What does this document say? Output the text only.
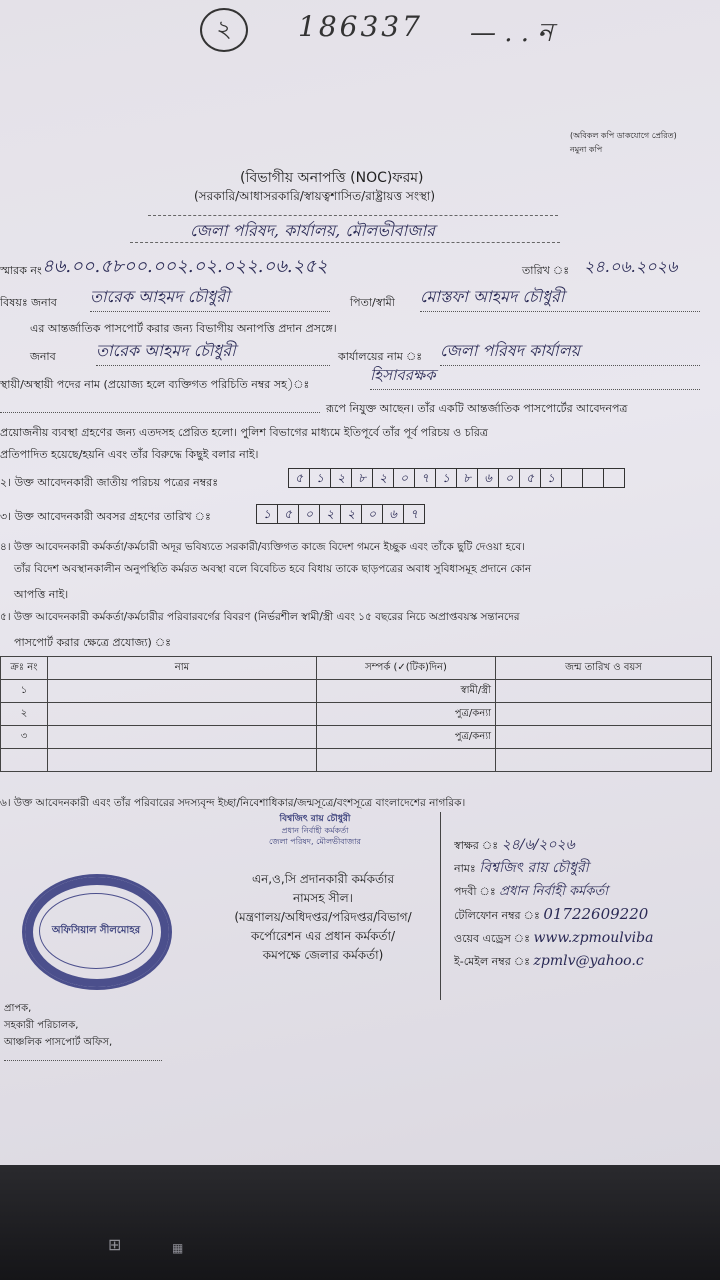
২	186337 — . . ন
(অবিকল কপি ডাকযোগে প্রেরিত)
নমুনা কপি
(বিভাগীয় অনাপত্তি (NOC)ফরম)
(সরকারি/আধাসরকারি/স্বায়ত্বশাসিত/রাষ্ট্রায়ত্ত সংস্থা)
জেলা পরিষদ, কার্যালয়, মৌলভীবাজার
স্মারক নং ৪৬.০০.৫৮০০.০০২.০২.০২২.০৬.২৫২	তারিখ ঃ ২৪.০৬.২০২৬
বিষয়ঃ জনাব তারেক আহমদ চৌধুরী	পিতা/স্বামী মোস্তফা আহমদ চৌধুরী
এর আন্তর্জাতিক পাসপোর্ট করার জন্য বিভাগীয় অনাপত্তি প্রদান প্রসঙ্গে।
জনাব	তারেক আহমদ চৌধুরী	কার্যালয়ের নাম ঃ জেলা পরিষদ কার্যালয়
স্থায়ী/অস্থায়ী পদের নাম (প্রয়োজ্য হলে ব্যক্তিগত পরিচিতি নম্বর সহ)ঃ
হিসাবরক্ষক
রূপে নিযুক্ত আছেন। তাঁর একটি আন্তর্জাতিক পাসপোর্টের আবেদনপত্র
প্রয়োজনীয় ব্যবস্থা গ্রহণের জন্য এতদসহ প্রেরিত হলো। পুলিশ বিভাগের মাধ্যমে ইতিপূর্বে তাঁর পূর্ব পরিচয় ও চরিত্র
প্রতিপাদিত হয়েছে/হয়নি এবং তাঁর বিরুদ্ধে কিছুই বলার নাই।
২। উক্ত আবেদনকারী জাতীয় পরিচয় পত্রের নম্বরঃ	৫	১	২	৮	২	০	৭	১	৮	৬	০	৫	১
৩। উক্ত আবেদনকারী অবসর গ্রহণের তারিখ ঃ	১	৫	০	২	২	০	৬	৭
৪। উক্ত আবেদনকারী কর্মকর্তা/কর্মচারী অদূর ভবিষ্যতে সরকারী/ব্যক্তিগত কাজে বিদেশ গমনে ইচ্ছুক এবং তাঁকে ছুটি দেওয়া হবে।
তাঁর বিদেশ অবস্থানকালীন অনুপস্থিতি কর্মরত অবস্থা বলে বিবেচিত হবে বিধায় তাকে ছাড়পত্রের অবাধ সুবিধাসমূহ প্রদানে কোন
আপত্তি নাই।
৫। উক্ত আবেদনকারী কর্মকর্তা/কর্মচারীর পরিবারবর্গের বিবরণ (নির্ভরশীল স্বামী/স্ত্রী এবং ১৫ বছরের নিচে অপ্রাপ্তবয়স্ক সন্তানদের
পাসপোর্ট করার ক্ষেত্রে প্রযোজ্য) ঃ
ক্রঃ নং	নাম	সম্পর্ক (✓(টিক)দিন)	জন্ম তারিখ ও বয়স
১		স্বামী/স্ত্রী	
২		পুত্র/কন্যা	
৩		পুত্র/কন্যা	

৬। উক্ত আবেদনকারী এবং তাঁর পরিবারের সদস্যবৃন্দ ইচ্ছা/নিবেশাধিকার/জন্মসূত্রে/বংশসূত্রে বাংলাদেশের নাগরিক।
বিশ্বজিৎ রায় চৌধুরী
প্রধান নির্বাহী কর্মকর্তা
জেলা পরিষদ, মৌলভীবাজার
অফিসিয়াল সীলমোহর
এন,ও,সি প্রদানকারী কর্মকর্তার
নামসহ সীল।
(মন্ত্রণালয়/অধিদপ্তর/পরিদপ্তর/বিভাগ/
কর্পোরেশন এর প্রধান কর্মকর্তা/
কমপক্ষে জেলার কর্মকর্তা)
স্বাক্ষর ঃ ২৪/৬/২০২৬
নামঃ বিশ্বজিৎ রায় চৌধুরী
পদবী ঃ প্রধান নির্বাহী কর্মকর্তা
টেলিফোন নম্বর ঃ 01722609220
ওয়েব এড্রেস ঃ www.zpmoulviba
ই-মেইল নম্বর ঃ zpmlv@yahoo.c
প্রাপক,
সহকারী পরিচালক,
আঞ্চলিক পাসপোর্ট অফিস,
⊞	▦
